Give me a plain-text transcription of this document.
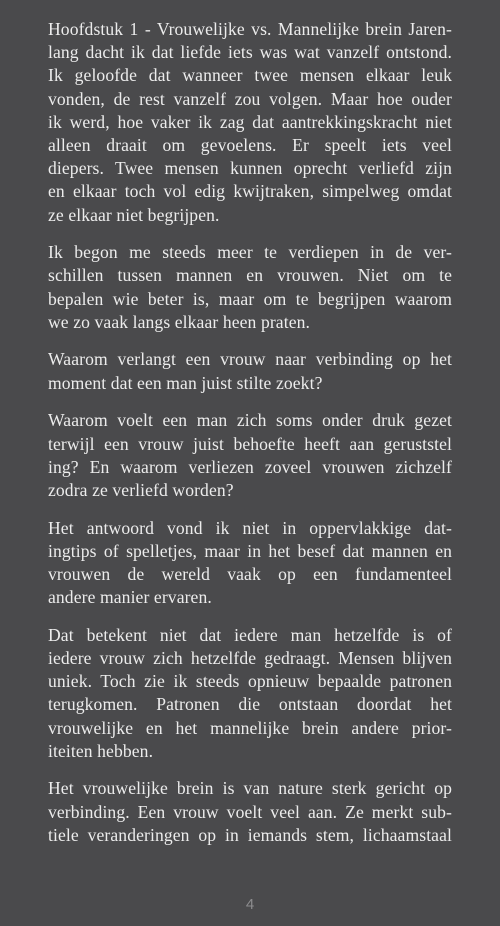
Hoofdstuk 1 - Vrouwelijke vs. Mannelijke brein Jaren-
lang dacht ik dat liefde iets was wat vanzelf ontstond.
Ik geloofde dat wanneer twee mensen elkaar leuk
vonden, de rest vanzelf zou volgen. Maar hoe ouder
ik werd, hoe vaker ik zag dat aantrekkingskracht niet
alleen draait om gevoelens. Er speelt iets veel
diepers. Twee mensen kunnen oprecht verliefd zijn
en elkaar toch vol edig kwijtraken, simpelweg omdat
ze elkaar niet begrijpen.
Ik begon me steeds meer te verdiepen in de ver-
schillen tussen mannen en vrouwen. Niet om te
bepalen wie beter is, maar om te begrijpen waarom
we zo vaak langs elkaar heen praten.
Waarom verlangt een vrouw naar verbinding op het
moment dat een man juist stilte zoekt?
Waarom voelt een man zich soms onder druk gezet
terwijl een vrouw juist behoefte heeft aan geruststel
ing? En waarom verliezen zoveel vrouwen zichzelf
zodra ze verliefd worden?
Het antwoord vond ik niet in oppervlakkige dat-
ingtips of spelletjes, maar in het besef dat mannen en
vrouwen de wereld vaak op een fundamenteel
andere manier ervaren.
Dat betekent niet dat iedere man hetzelfde is of
iedere vrouw zich hetzelfde gedraagt. Mensen blijven
uniek. Toch zie ik steeds opnieuw bepaalde patronen
terugkomen. Patronen die ontstaan doordat het
vrouwelijke en het mannelijke brein andere prior-
iteiten hebben.
Het vrouwelijke brein is van nature sterk gericht op
verbinding. Een vrouw voelt veel aan. Ze merkt sub-
tiele veranderingen op in iemands stem, lichaamstaal
4
